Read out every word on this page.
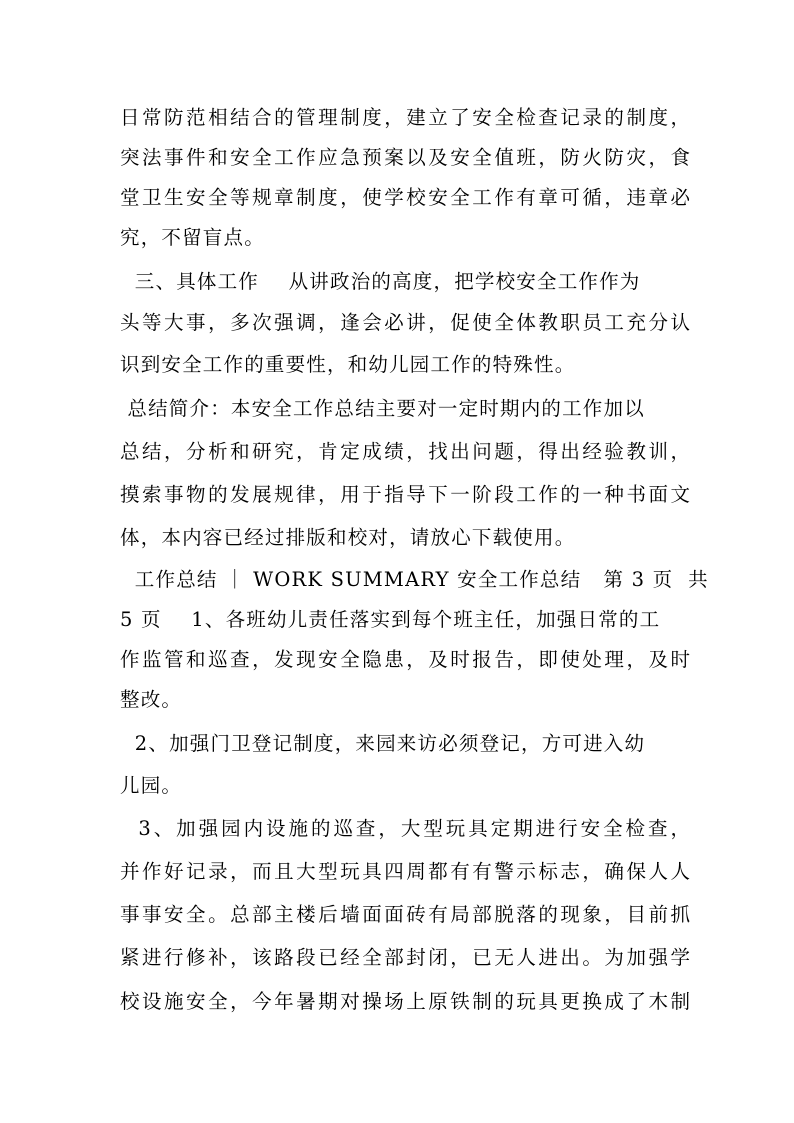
日常防范相结合的管理制度，建立了安全检查记录的制度，
突法事件和安全工作应急预案以及安全值班，防火防灾，食
堂卫生安全等规章制度，使学校安全工作有章可循，违章必
究，不留盲点。
三、具体工作    从讲政治的高度，把学校安全工作作为
头等大事，多次强调，逢会必讲，促使全体教职员工充分认
识到安全工作的重要性，和幼儿园工作的特殊性。
总结简介：本安全工作总结主要对一定时期内的工作加以
总结，分析和研究，肯定成绩，找出问题，得出经验教训，
摸索事物的发展规律，用于指导下一阶段工作的一种书面文
体，本内容已经过排版和校对，请放心下载使用。
工作总结 ｜ WORK SUMMARY 安全工作总结   第 3 页  共
5 页    1、各班幼儿责任落实到每个班主任，加强日常的工
作监管和巡查，发现安全隐患，及时报告，即使处理，及时
整改。
2、加强门卫登记制度，来园来访必须登记，方可进入幼
儿园。
3、加强园内设施的巡查，大型玩具定期进行安全检查，
并作好记录，而且大型玩具四周都有有警示标志，确保人人
事事安全。总部主楼后墙面面砖有局部脱落的现象，目前抓
紧进行修补，该路段已经全部封闭，已无人进出。为加强学
校设施安全，今年暑期对操场上原铁制的玩具更换成了木制
